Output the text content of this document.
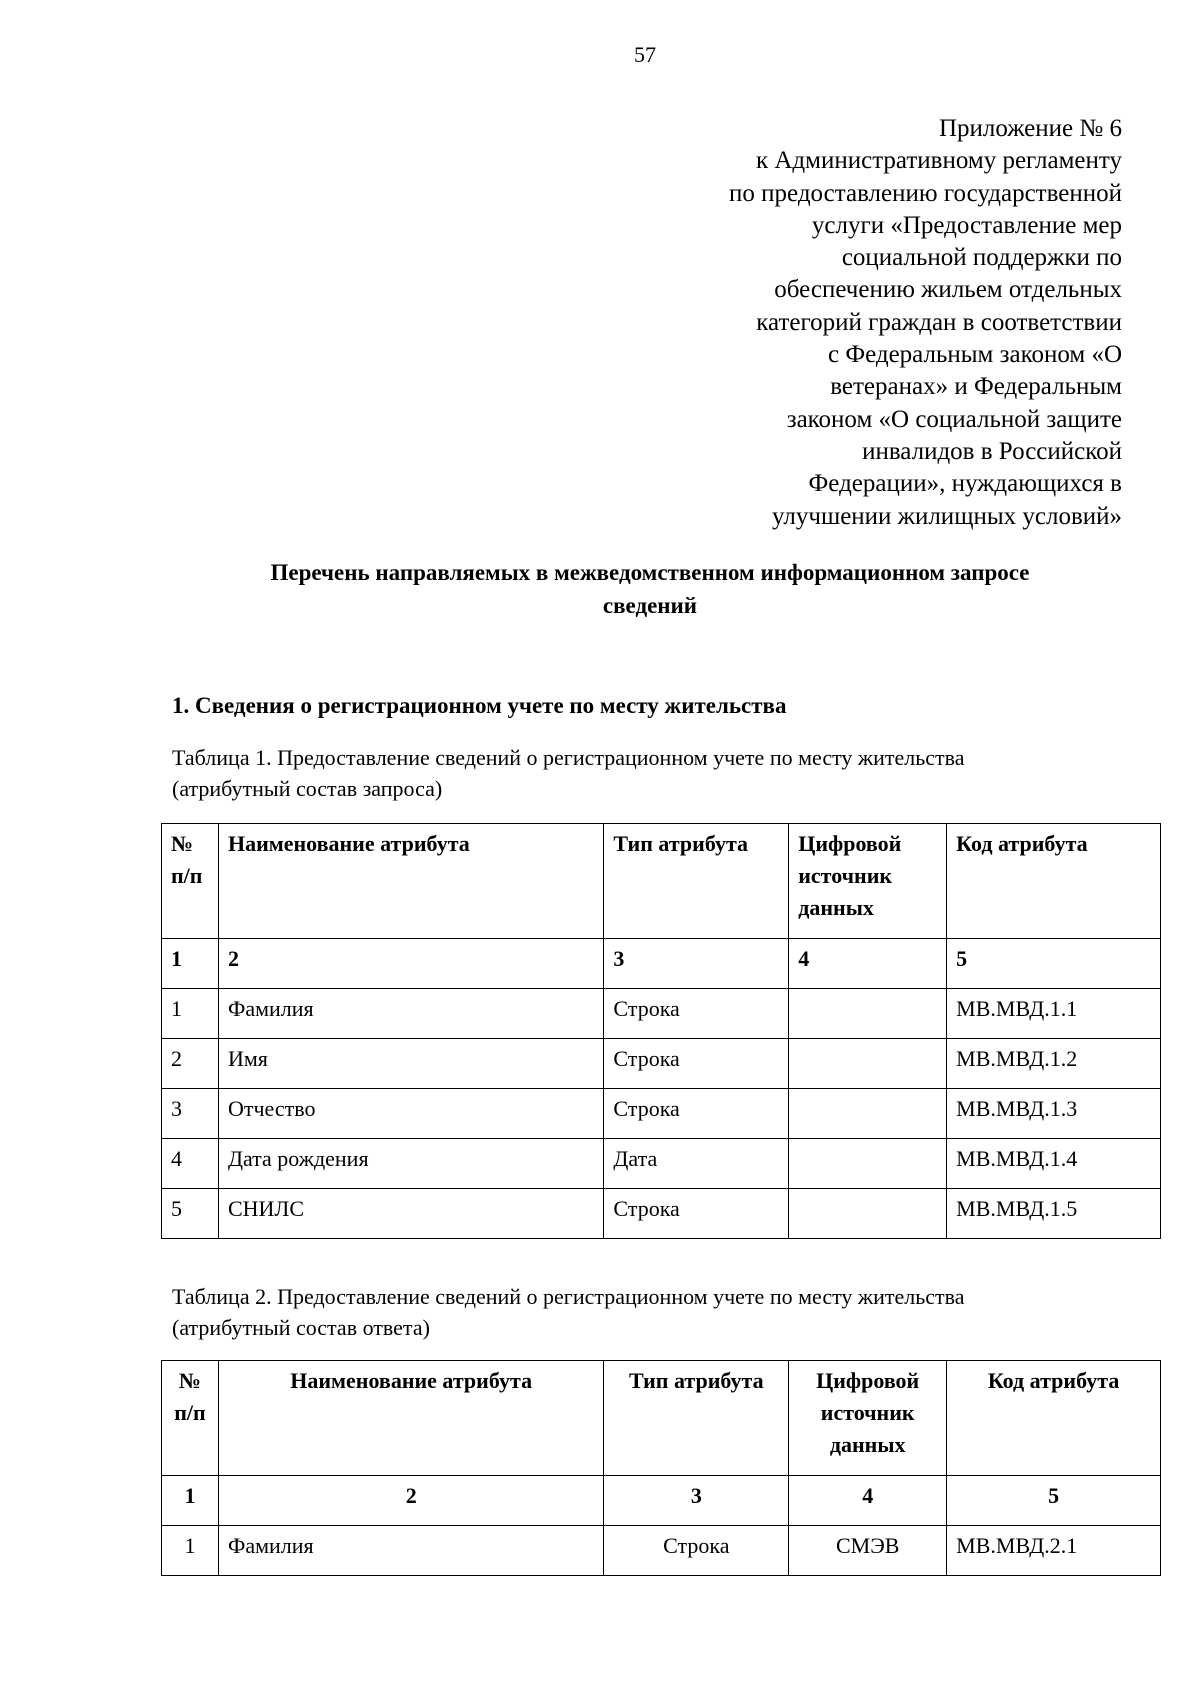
57
Приложение № 6
к Административному регламенту
по предоставлению государственной
услуги «Предоставление мер
социальной поддержки по
обеспечению жильем отдельных
категорий граждан в соответствии
с Федеральным законом «О
ветеранах» и Федеральным
законом «О социальной защите
инвалидов в Российской
Федерации», нуждающихся в
улучшении жилищных условий»
Перечень направляемых в межведомственном информационном запросе
сведений
1. Сведения о регистрационном учете по месту жительства
Таблица 1. Предоставление сведений о регистрационном учете по месту жительства
(атрибутный состав запроса)
№ п/п	Наименование атрибута	Тип атрибута	Цифровой источник данных	Код атрибута
1	2	3	4	5
1	Фамилия	Строка		МВ.МВД.1.1
2	Имя	Строка		МВ.МВД.1.2
3	Отчество	Строка		МВ.МВД.1.3
4	Дата рождения	Дата		МВ.МВД.1.4
5	СНИЛС	Строка		МВ.МВД.1.5
Таблица 2. Предоставление сведений о регистрационном учете по месту жительства
(атрибутный состав ответа)
№ п/п	Наименование атрибута	Тип атрибута	Цифровой источник данных	Код атрибута
1	2	3	4	5
1	Фамилия	Строка	СМЭВ	МВ.МВД.2.1
